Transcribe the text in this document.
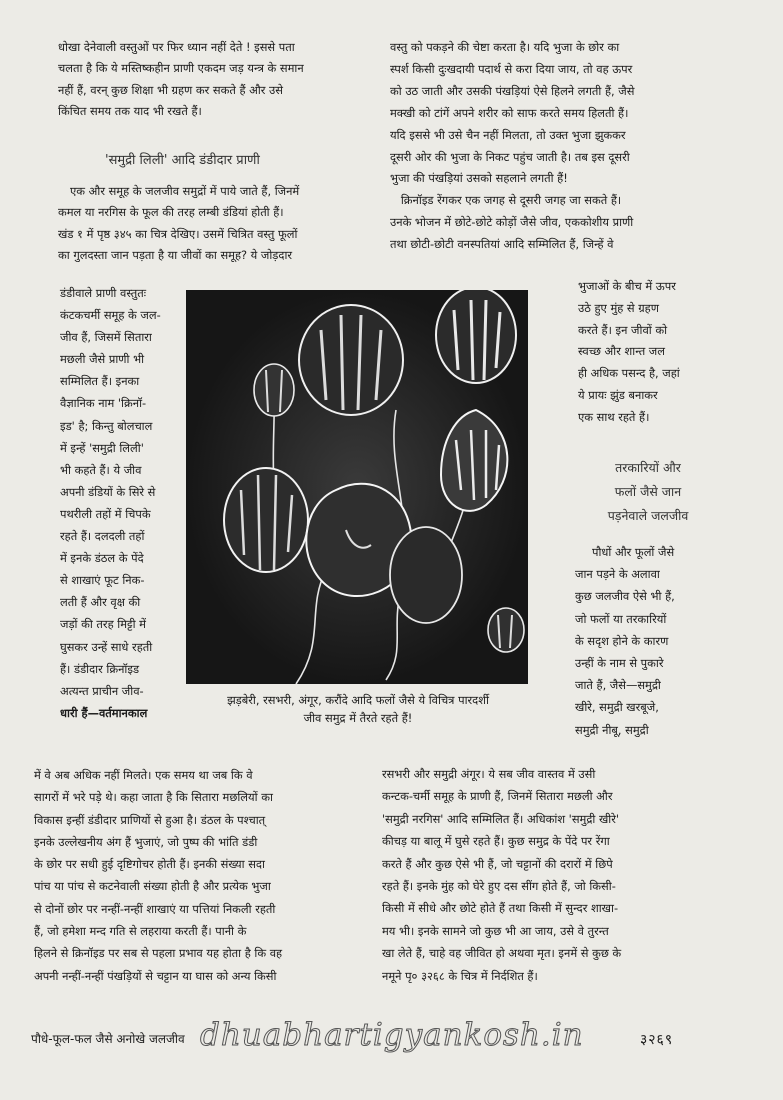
धोखा देनेवाली वस्तुओं पर फिर ध्यान नहीं देते ! इससे पता

चलता है कि ये मस्तिष्कहीन प्राणी एकदम जड़ यन्त्र के समान

नहीं हैं, वरन् कुछ शिक्षा भी ग्रहण कर सकते हैं और उसे

किंचित समय तक याद भी रखते हैं।

'समुद्री लिली' आदि डंडीदार प्राणी

एक और समूह के जलजीव समुद्रों में पाये जाते हैं, जिनमें

कमल या नरगिस के फूल की तरह लम्बी डंडियां होती हैं।

खंड १ में पृष्ठ ३४५ का चित्र देखिए। उसमें चित्रित वस्तु फूलों

का गुलदस्ता जान पड़ता है या जीवों का समूह? ये जोड़दार

डंडीवाले प्राणी वस्तुतः

कंटकचर्मी समूह के जल-

जीव हैं, जिसमें सितारा

मछली जैसे प्राणी भी

सम्मिलित हैं। इनका

वैज्ञानिक नाम 'क्रिनॉ-

इड' है; किन्तु बोलचाल

में इन्हें 'समुद्री लिली'

भी कहते हैं। ये जीव

अपनी डंडियों के सिरे से

पथरीली तहों में चिपके

रहते हैं। दलदली तहों

में इनके डंठल के पेंदे

से शाखाएं फूट निक-

लती हैं और वृक्ष की

जड़ों की तरह मिट्टी में

घुसकर उन्हें साधे रहती

हैं। डंडीदार क्रिनॉइड

अत्यन्त प्राचीन जीव-

धारी हैं—वर्तमानकाल

में वे अब अधिक नहीं मिलते। एक समय था जब कि वे

सागरों में भरे पड़े थे। कहा जाता है कि सितारा मछलियों का

विकास इन्हीं डंडीदार प्राणियों से हुआ है। डंठल के पश्चात्

इनके उल्लेखनीय अंग हैं भुजाएं, जो पुष्प की भांति डंडी

के छोर पर सधी हुई दृष्टिगोचर होती हैं। इनकी संख्या सदा

पांच या पांच से कटनेवाली संख्या होती है और प्रत्येक भुजा

से दोनों छोर पर नन्हीं-नन्हीं शाखाएं या पत्तियां निकली रहती

हैं, जो हमेशा मन्द गति से लहराया करती हैं। पानी के

हिलने से क्रिनॉइड पर सब से पहला प्रभाव यह होता है कि वह

अपनी नन्हीं-नन्हीं पंखड़ियों से चट्टान या घास को अन्य किसी

वस्तु को पकड़ने की चेष्टा करता है। यदि भुजा के छोर का

स्पर्श किसी दुःखदायी पदार्थ से करा दिया जाय, तो वह ऊपर

को उठ जाती और उसकी पंखड़ियां ऐसे हिलने लगती हैं, जैसे

मक्खी को टांगें अपने शरीर को साफ करते समय हिलती हैं।

यदि इससे भी उसे चैन नहीं मिलता, तो उक्त भुजा झुककर

दूसरी ओर की भुजा के निकट पहुंच जाती है। तब इस दूसरी

भुजा की पंखड़ियां उसको सहलाने लगती हैं!

क्रिनॉइड रेंगकर एक जगह से दूसरी जगह जा सकते हैं।

उनके भोजन में छोटे-छोटे कोड़ों जैसे जीव, एककोशीय प्राणी

तथा छोटी-छोटी वनस्पतियां आदि सम्मिलित हैं, जिन्हें वे

भुजाओं के बीच में ऊपर

उठे हुए मुंह से ग्रहण

करते हैं। इन जीवों को

स्वच्छ और शान्त जल

ही अधिक पसन्द है, जहां

ये प्रायः झुंड बनाकर

एक साथ रहते हैं।

तरकारियों और

फलों जैसे जान

पड़नेवाले जलजीव

पौधों और फूलों जैसे

जान पड़ने के अलावा

कुछ जलजीव ऐसे भी हैं,

जो फलों या तरकारियों

के सदृश होने के कारण

उन्हीं के नाम से पुकारे

जाते हैं, जैसे—समुद्री

खीरे, समुद्री खरबूजे,

समुद्री नीबू, समुद्री

रसभरी और समुद्री अंगूर। ये सब जीव वास्तव में उसी

कन्टक-चर्मी समूह के प्राणी हैं, जिनमें सितारा मछली और

'समुद्री नरगिस' आदि सम्मिलित हैं। अधिकांश 'समुद्री खीरे'

कीचड़ या बालू में घुसे रहते हैं। कुछ समुद्र के पेंदे पर रेंगा

करते हैं और कुछ ऐसे भी हैं, जो चट्टानों की दरारों में छिपे

रहते हैं। इनके मुंह को घेरे हुए दस सींग होते हैं, जो किसी-

किसी में सीधे और छोटे होते हैं तथा किसी में सुन्दर शाखा-

मय भी। इनके सामने जो कुछ भी आ जाय, उसे वे तुरन्त

खा लेते हैं, चाहे वह जीवित हो अथवा मृत। इनमें से कुछ के

नमूने पृ० ३२६८ के चित्र में निर्दशित हैं।

झड़बेरी, रसभरी, अंगूर, करौंदे आदि फलों जैसे ये विचित्र पारदर्शी
जीव समुद्र में तैरते रहते हैं!
पौधे-फूल-फल जैसे अनोखे जलजीव dhuabhartigyankosh.in	३२६९
